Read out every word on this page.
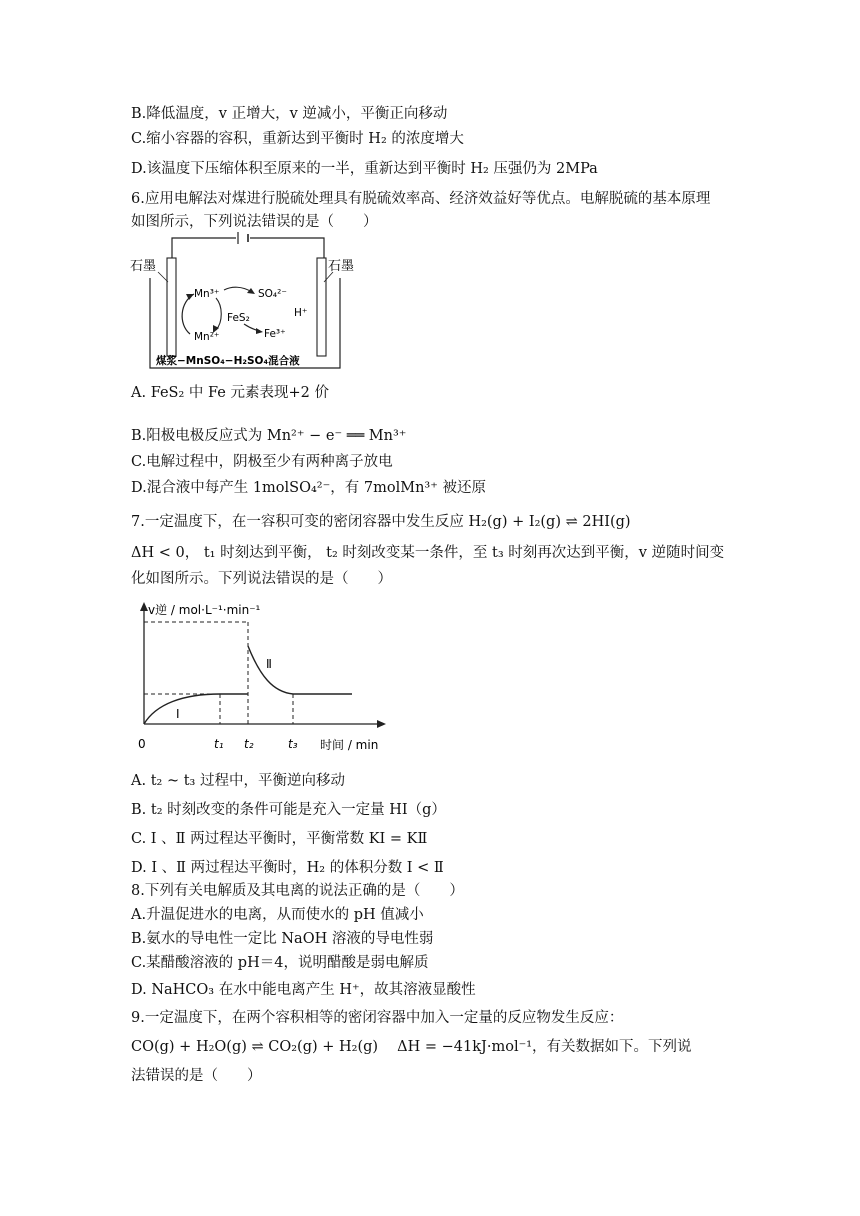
B.降低温度，v 正增大，v 逆减小，平衡正向移动
C.缩小容器的容积，重新达到平衡时 H₂ 的浓度增大
D.该温度下压缩体积至原来的一半，重新达到平衡时 H₂ 压强仍为 2MPa
6.应用电解法对煤进行脱硫处理具有脱硫效率高、经济效益好等优点。电解脱硫的基本原理
如图所示，下列说法错误的是（　　）
石墨	石墨
Mn³⁺	SO₄²⁻
FeS₂
Mn²⁺	Fe³⁺
H⁺
煤浆−MnSO₄−H₂SO₄混合液
A. FeS₂ 中 Fe 元素表现+2 价
B.阳极电极反应式为 Mn²⁺ − e⁻ ══ Mn³⁺
C.电解过程中，阴极至少有两种离子放电
D.混合液中每产生 1molSO₄²⁻，有 7molMn³⁺ 被还原
7.一定温度下，在一容积可变的密闭容器中发生反应 H₂(g) + I₂(g) ⇌ 2HI(g)
ΔH < 0， t₁ 时刻达到平衡， t₂ 时刻改变某一条件，至 t₃ 时刻再次达到平衡，v 逆随时间变
化如图所示。下列说法错误的是（　　）
v逆 / mol·L⁻¹·min⁻¹
时间 / min
0	t₁ t₂	t₃
Ⅰ
Ⅱ
A. t₂ ~ t₃ 过程中，平衡逆向移动
B. t₂ 时刻改变的条件可能是充入一定量 HI（g）
C. Ⅰ 、Ⅱ 两过程达平衡时，平衡常数 KⅠ = KⅡ
D. Ⅰ 、Ⅱ 两过程达平衡时，H₂ 的体积分数 Ⅰ < Ⅱ
8.下列有关电解质及其电离的说法正确的是（　　）
A.升温促进水的电离，从而使水的 pH 值减小
B.氨水的导电性一定比 NaOH 溶液的导电性弱
C.某醋酸溶液的 pH＝4，说明醋酸是弱电解质
D. NaHCO₃ 在水中能电离产生 H⁺，故其溶液显酸性
9.一定温度下，在两个容积相等的密闭容器中加入一定量的反应物发生反应：
CO(g) + H₂O(g) ⇌ CO₂(g) + H₂(g)　 ΔH = −41kJ·mol⁻¹，有关数据如下。下列说
法错误的是（　　）
